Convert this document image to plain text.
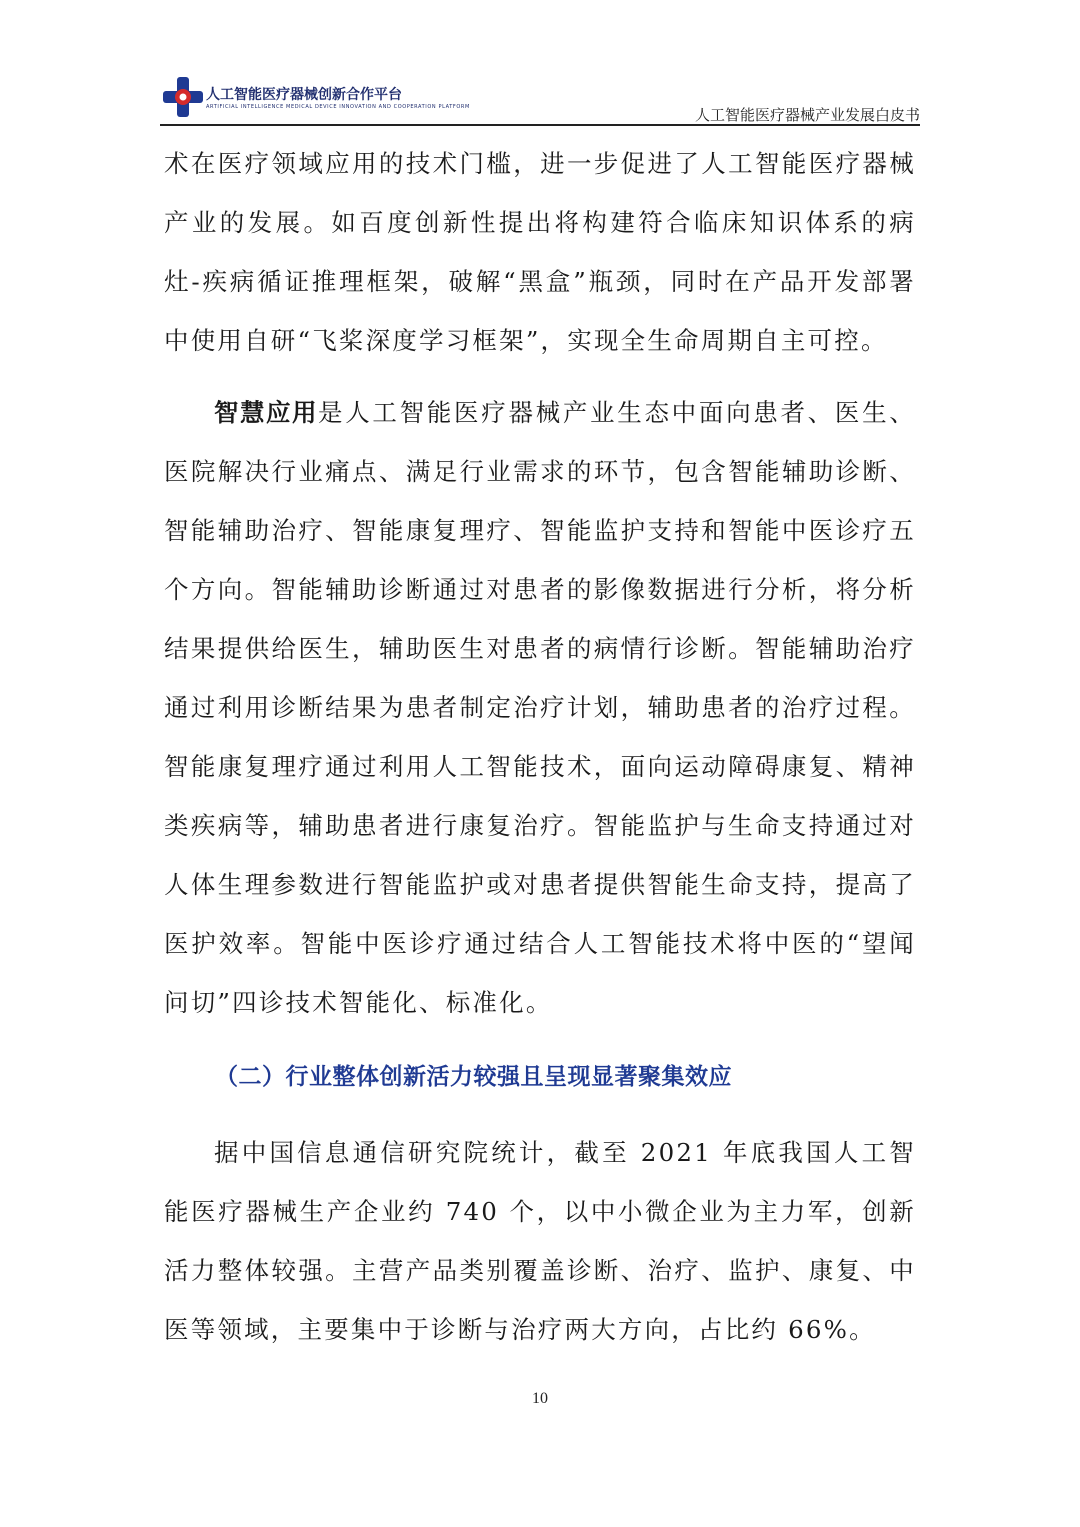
人工智能医疗器械创新合作平台
ARTIFICIAL INTELLIGENCE MEDICAL DEVICE INNOVATION AND COOPERATION PLATFORM	人工智能医疗器械产业发展白皮书

术在医疗领域应用的技术门槛，进一步促进了人工智能医疗器械产业的发展。如百度创新性提出将构建符合临床知识体系的病灶-疾病循证推理框架，破解“黑盒”瓶颈，同时在产品开发部署中使用自研“飞桨深度学习框架”，实现全生命周期自主可控。

智慧应用是人工智能医疗器械产业生态中面向患者、医生、医院解决行业痛点、满足行业需求的环节，包含智能辅助诊断、智能辅助治疗、智能康复理疗、智能监护支持和智能中医诊疗五个方向。智能辅助诊断通过对患者的影像数据进行分析，将分析结果提供给医生，辅助医生对患者的病情行诊断。智能辅助治疗通过利用诊断结果为患者制定治疗计划，辅助患者的治疗过程。智能康复理疗通过利用人工智能技术，面向运动障碍康复、精神类疾病等，辅助患者进行康复治疗。智能监护与生命支持通过对人体生理参数进行智能监护或对患者提供智能生命支持，提高了医护效率。智能中医诊疗通过结合人工智能技术将中医的“望闻问切”四诊技术智能化、标准化。

（二）行业整体创新活力较强且呈现显著聚集效应

据中国信息通信研究院统计，截至 2021 年底我国人工智能医疗器械生产企业约 740 个，以中小微企业为主力军，创新活力整体较强。主营产品类别覆盖诊断、治疗、监护、康复、中医等领域，主要集中于诊断与治疗两大方向，占比约 66%。

10
